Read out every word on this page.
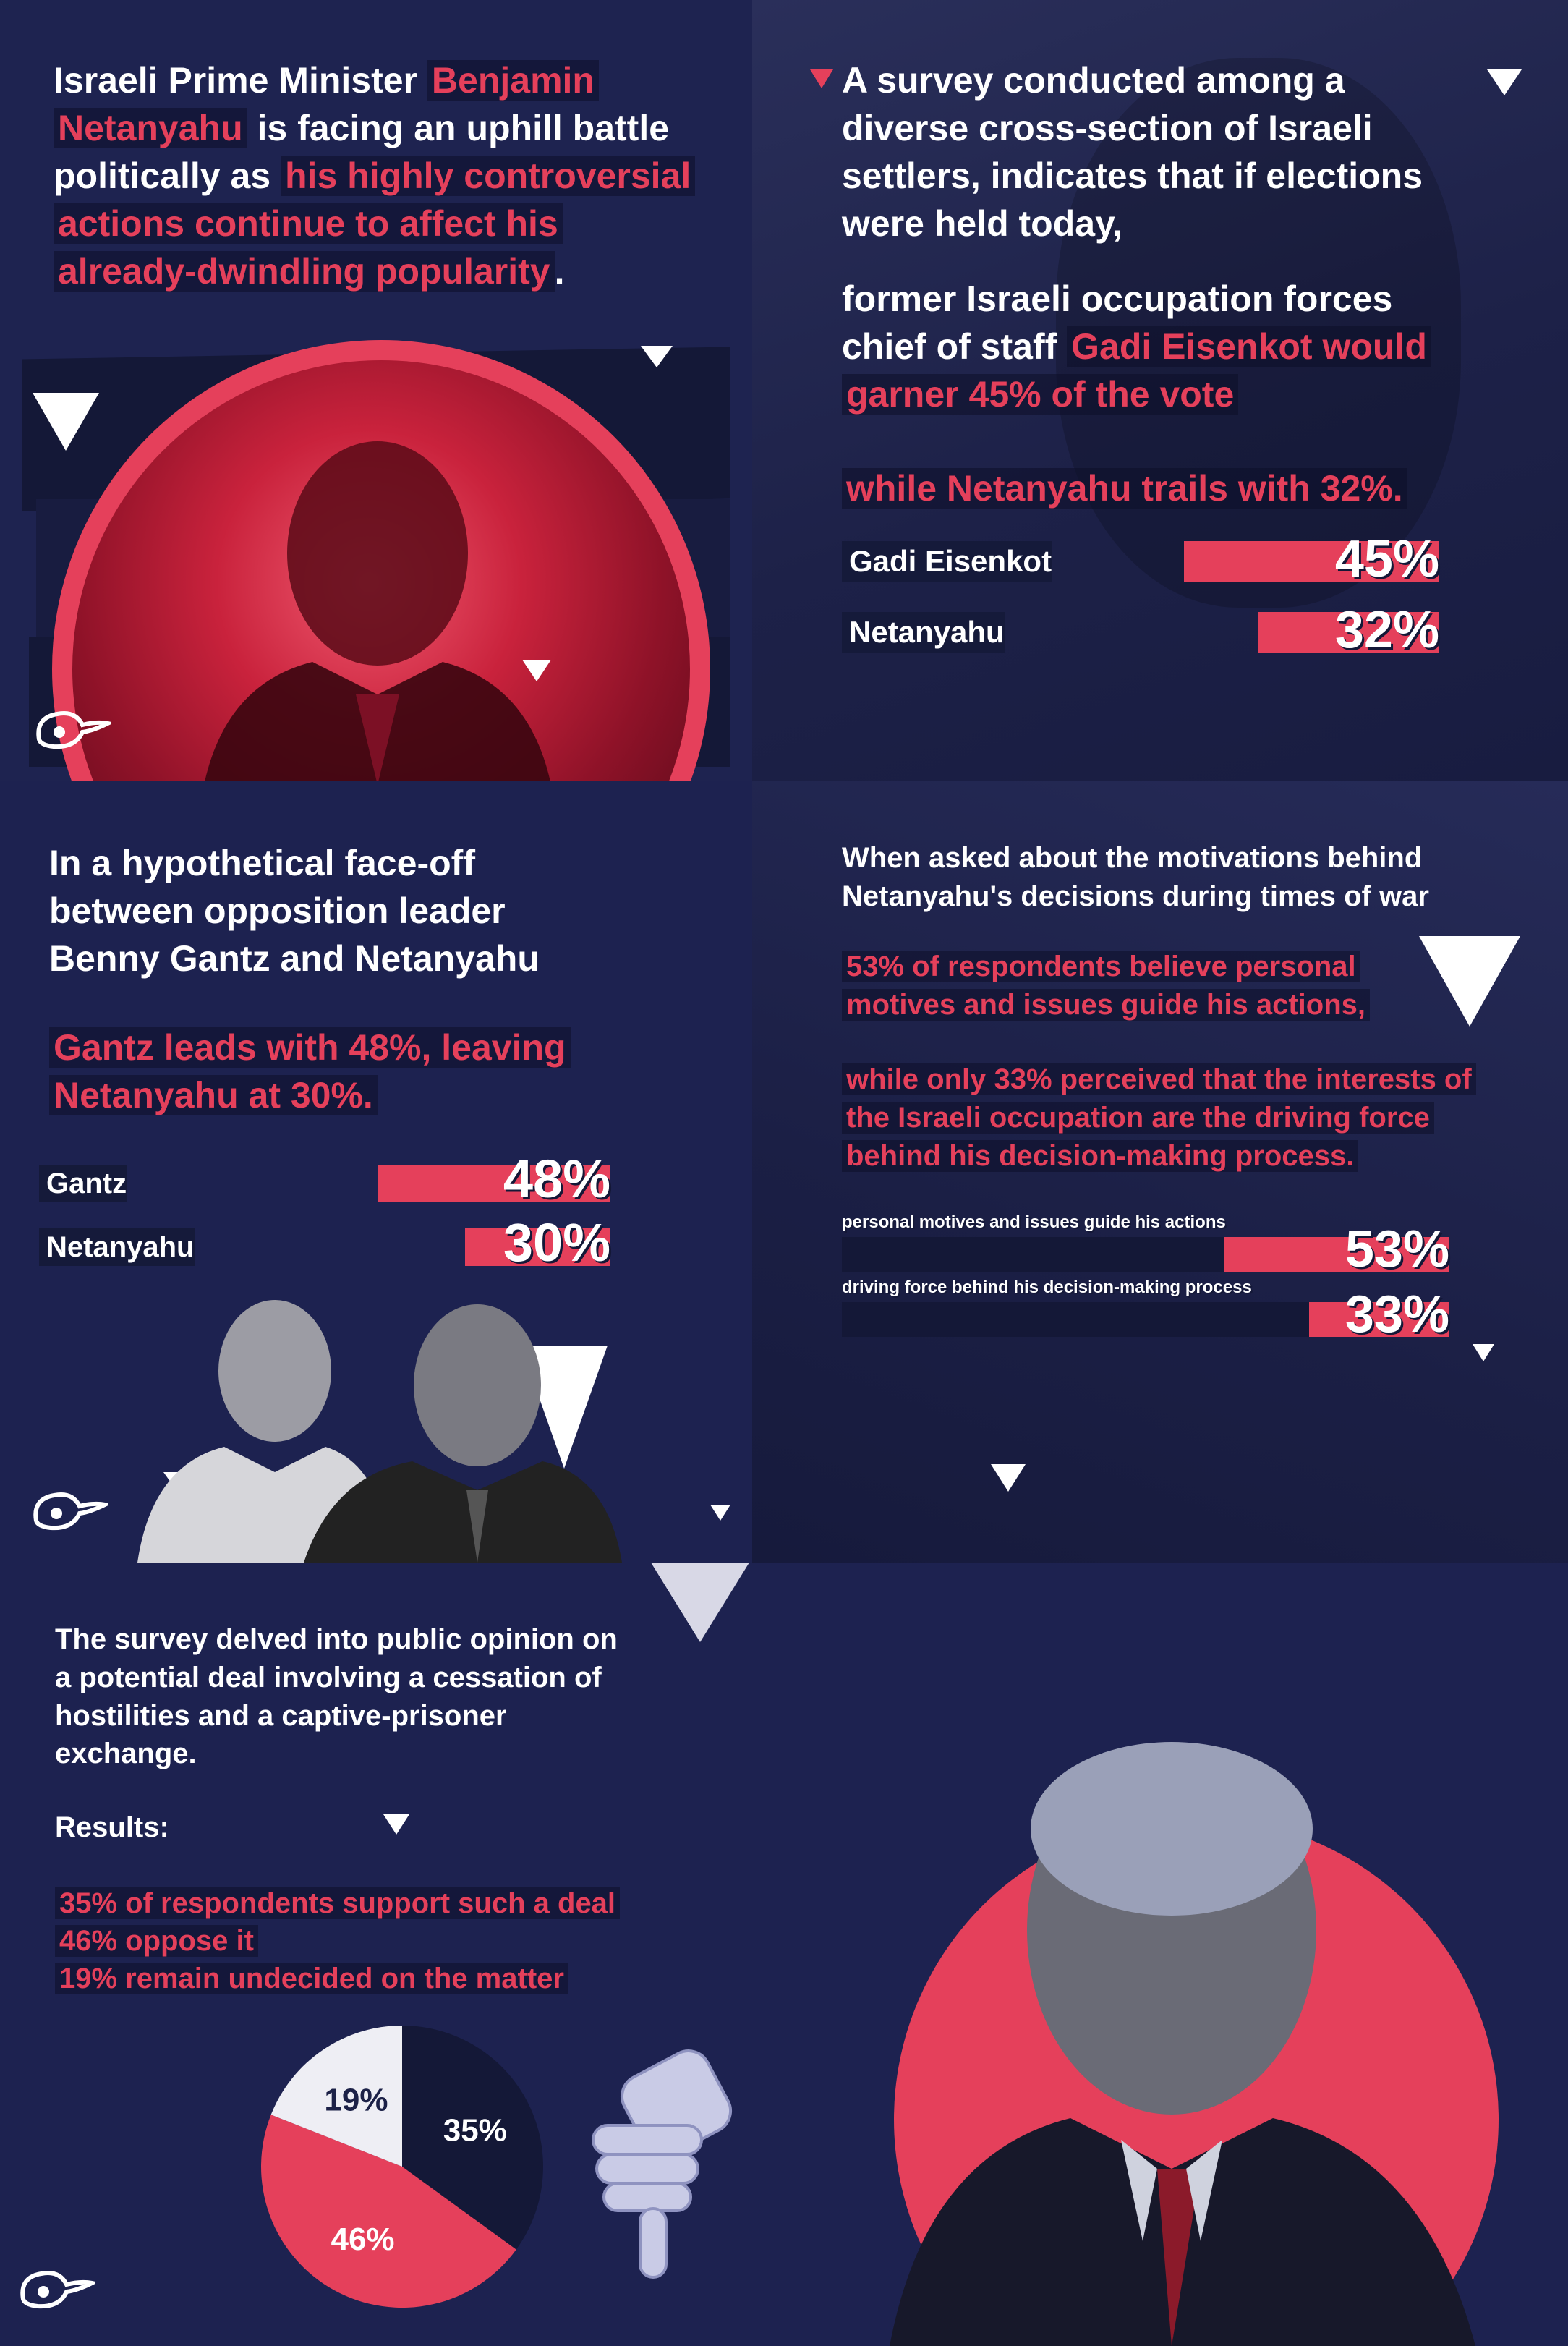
Israeli Prime Minister Benjamin Netanyahu is facing an uphill battle politically as his highly controversial actions continue to affect his already-dwindling popularity .
A survey conducted among a diverse cross-section of Israeli settlers, indicates that if elections were held today,
former Israeli occupation forces chief of staff Gadi Eisenkot would garner 45% of the vote
while Netanyahu trails with 32%.
Gadi Eisenkot	45%
Netanyahu	32%
In a hypothetical face-off between opposition leader Benny Gantz and Netanyahu
Gantz leads with 48%, leaving Netanyahu at 30%.
Gantz	48%
Netanyahu	30%
When asked about the motivations behind Netanyahu's decisions during times of war
53% of respondents believe personal motives and issues guide his actions,
while only 33% perceived that the interests of the Israeli occupation are the driving force behind his decision-making process.
personal motives and issues guide his actions 53%
driving force behind his decision-making process 33%
The survey delved into public opinion on a potential deal involving a cessation of hostilities and a captive-prisoner exchange.
Results:
35% of respondents support such a deal
46% oppose it
19% remain undecided on the matter
35%
46%
19%
